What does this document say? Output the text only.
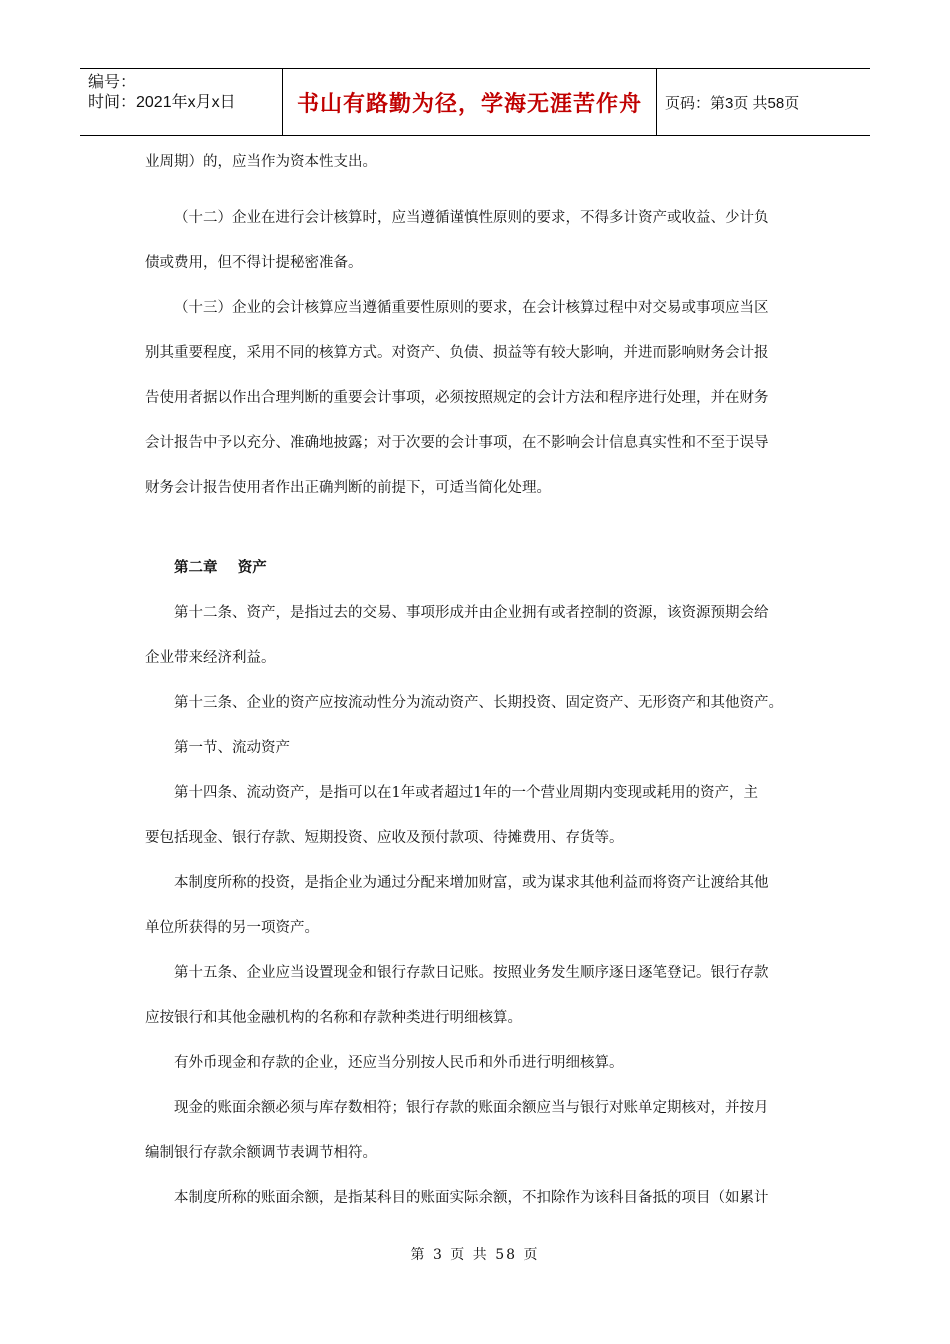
编号：
时间：2021年x月x日	书山有路勤为径，学海无涯苦作舟	页码：第3页 共58页

业周期）的，应当作为资本性支出。

（十二）企业在进行会计核算时，应当遵循谨慎性原则的要求，不得多计资产或收益、少计负

债或费用，但不得计提秘密准备。

（十三）企业的会计核算应当遵循重要性原则的要求，在会计核算过程中对交易或事项应当区

别其重要程度，采用不同的核算方式。对资产、负债、损益等有较大影响，并进而影响财务会计报

告使用者据以作出合理判断的重要会计事项，必须按照规定的会计方法和程序进行处理，并在财务

会计报告中予以充分、准确地披露；对于次要的会计事项，在不影响会计信息真实性和不至于误导

财务会计报告使用者作出正确判断的前提下，可适当简化处理。

第二章    资产

第十二条、资产，是指过去的交易、事项形成并由企业拥有或者控制的资源，该资源预期会给

企业带来经济利益。

第十三条、企业的资产应按流动性分为流动资产、长期投资、固定资产、无形资产和其他资产。

第一节、流动资产

第十四条、流动资产，是指可以在1年或者超过1年的一个营业周期内变现或耗用的资产，主

要包括现金、银行存款、短期投资、应收及预付款项、待摊费用、存货等。

本制度所称的投资，是指企业为通过分配来增加财富，或为谋求其他利益而将资产让渡给其他

单位所获得的另一项资产。

第十五条、企业应当设置现金和银行存款日记账。按照业务发生顺序逐日逐笔登记。银行存款

应按银行和其他金融机构的名称和存款种类进行明细核算。

有外币现金和存款的企业，还应当分别按人民币和外币进行明细核算。

现金的账面余额必须与库存数相符；银行存款的账面余额应当与银行对账单定期核对，并按月

编制银行存款余额调节表调节相符。

本制度所称的账面余额，是指某科目的账面实际余额，不扣除作为该科目备抵的项目（如累计

第 3 页 共 58 页
